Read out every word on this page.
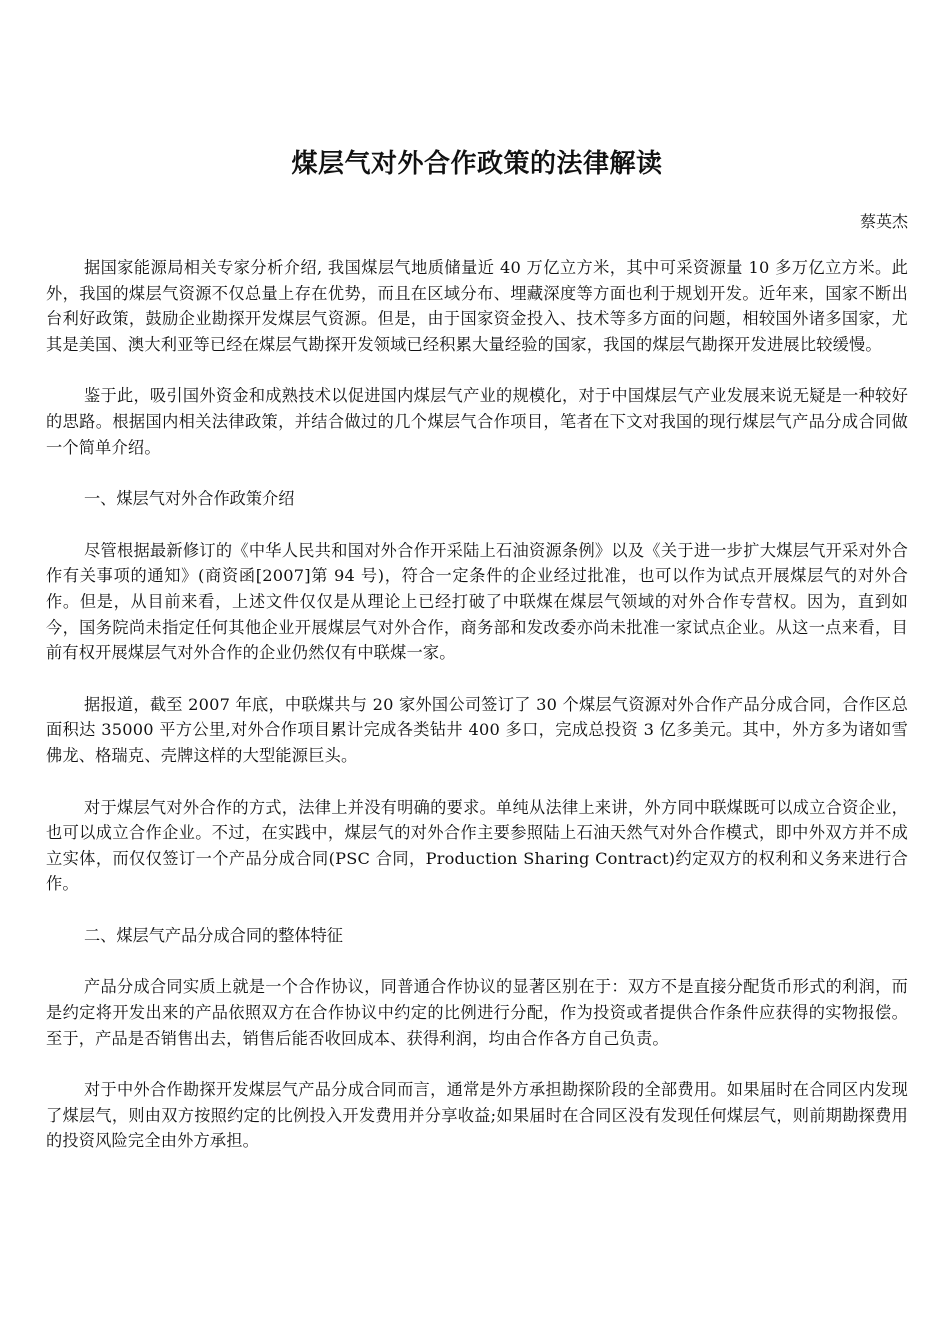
煤层气对外合作政策的法律解读
蔡英杰

据国家能源局相关专家分析介绍, 我国煤层气地质储量近 40 万亿立方米，其中可采资源量 10 多万亿立方米。此外，我国的煤层气资源不仅总量上存在优势，而且在区域分布、埋藏深度等方面也利于规划开发。近年来，国家不断出台利好政策，鼓励企业勘探开发煤层气资源。但是，由于国家资金投入、技术等多方面的问题，相较国外诸多国家，尤其是美国、澳大利亚等已经在煤层气勘探开发领域已经积累大量经验的国家，我国的煤层气勘探开发进展比较缓慢。

鉴于此，吸引国外资金和成熟技术以促进国内煤层气产业的规模化，对于中国煤层气产业发展来说无疑是一种较好的思路。根据国内相关法律政策，并结合做过的几个煤层气合作项目，笔者在下文对我国的现行煤层气产品分成合同做一个简单介绍。

一、煤层气对外合作政策介绍

尽管根据最新修订的《中华人民共和国对外合作开采陆上石油资源条例》以及《关于进一步扩大煤层气开采对外合作有关事项的通知》(商资函[2007]第 94 号)，符合一定条件的企业经过批准，也可以作为试点开展煤层气的对外合作。但是，从目前来看，上述文件仅仅是从理论上已经打破了中联煤在煤层气领域的对外合作专营权。因为，直到如今，国务院尚未指定任何其他企业开展煤层气对外合作，商务部和发改委亦尚未批准一家试点企业。从这一点来看，目前有权开展煤层气对外合作的企业仍然仅有中联煤一家。

据报道，截至 2007 年底，中联煤共与 20 家外国公司签订了 30 个煤层气资源对外合作产品分成合同，合作区总面积达 35000 平方公里,对外合作项目累计完成各类钻井 400 多口，完成总投资 3 亿多美元。其中，外方多为诸如雪佛龙、格瑞克、壳牌这样的大型能源巨头。

对于煤层气对外合作的方式，法律上并没有明确的要求。单纯从法律上来讲，外方同中联煤既可以成立合资企业，也可以成立合作企业。不过，在实践中，煤层气的对外合作主要参照陆上石油天然气对外合作模式，即中外双方并不成立实体，而仅仅签订一个产品分成合同(PSC 合同，Production Sharing Contract)约定双方的权利和义务来进行合作。

二、煤层气产品分成合同的整体特征

产品分成合同实质上就是一个合作协议，同普通合作协议的显著区别在于：双方不是直接分配货币形式的利润，而是约定将开发出来的产品依照双方在合作协议中约定的比例进行分配，作为投资或者提供合作条件应获得的实物报偿。至于，产品是否销售出去，销售后能否收回成本、获得利润，均由合作各方自己负责。

对于中外合作勘探开发煤层气产品分成合同而言，通常是外方承担勘探阶段的全部费用。如果届时在合同区内发现了煤层气，则由双方按照约定的比例投入开发费用并分享收益;如果届时在合同区没有发现任何煤层气，则前期勘探费用的投资风险完全由外方承担。
